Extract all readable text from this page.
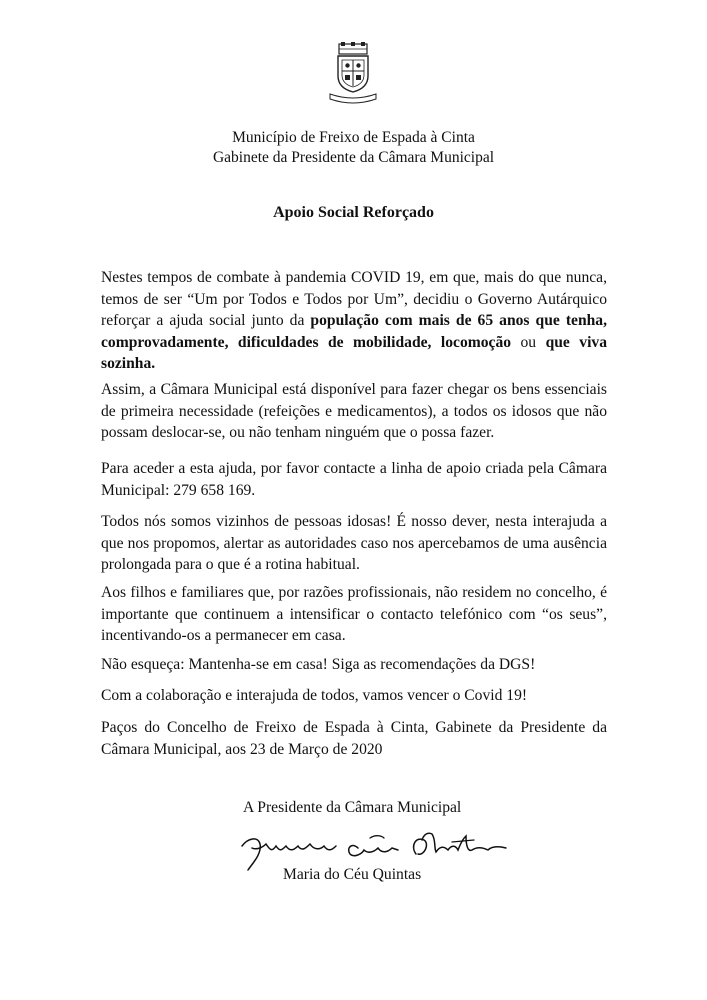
Município de Freixo de Espada à Cinta
Gabinete da Presidente da Câmara Municipal
Apoio Social Reforçado

Nestes tempos de combate à pandemia COVID 19, em que, mais do que nunca, temos de ser “Um por Todos e Todos por Um”, decidiu o Governo Autárquico reforçar a ajuda social junto da população com mais de 65 anos que tenha, comprovadamente, dificuldades de mobilidade, locomoção ou que viva sozinha.

Assim, a Câmara Municipal está disponível para fazer chegar os bens essenciais de primeira necessidade (refeições e medicamentos), a todos os idosos que não possam deslocar-se, ou não tenham ninguém que o possa fazer.

Para aceder a esta ajuda, por favor contacte a linha de apoio criada pela Câmara Municipal: 279 658 169.

Todos nós somos vizinhos de pessoas idosas! É nosso dever, nesta interajuda a que nos propomos, alertar as autoridades caso nos apercebamos de uma ausência prolongada para o que é a rotina habitual.

Aos filhos e familiares que, por razões profissionais, não residem no concelho, é importante que continuem a intensificar o contacto telefónico com “os seus”, incentivando-os a permanecer em casa.

Não esqueça: Mantenha-se em casa! Siga as recomendações da DGS!

Com a colaboração e interajuda de todos, vamos vencer o Covid 19!

Paços do Concelho de Freixo de Espada à Cinta, Gabinete da Presidente da Câmara Municipal, aos 23 de Março de 2020

A Presidente da Câmara Municipal
Maria do Céu Quintas
